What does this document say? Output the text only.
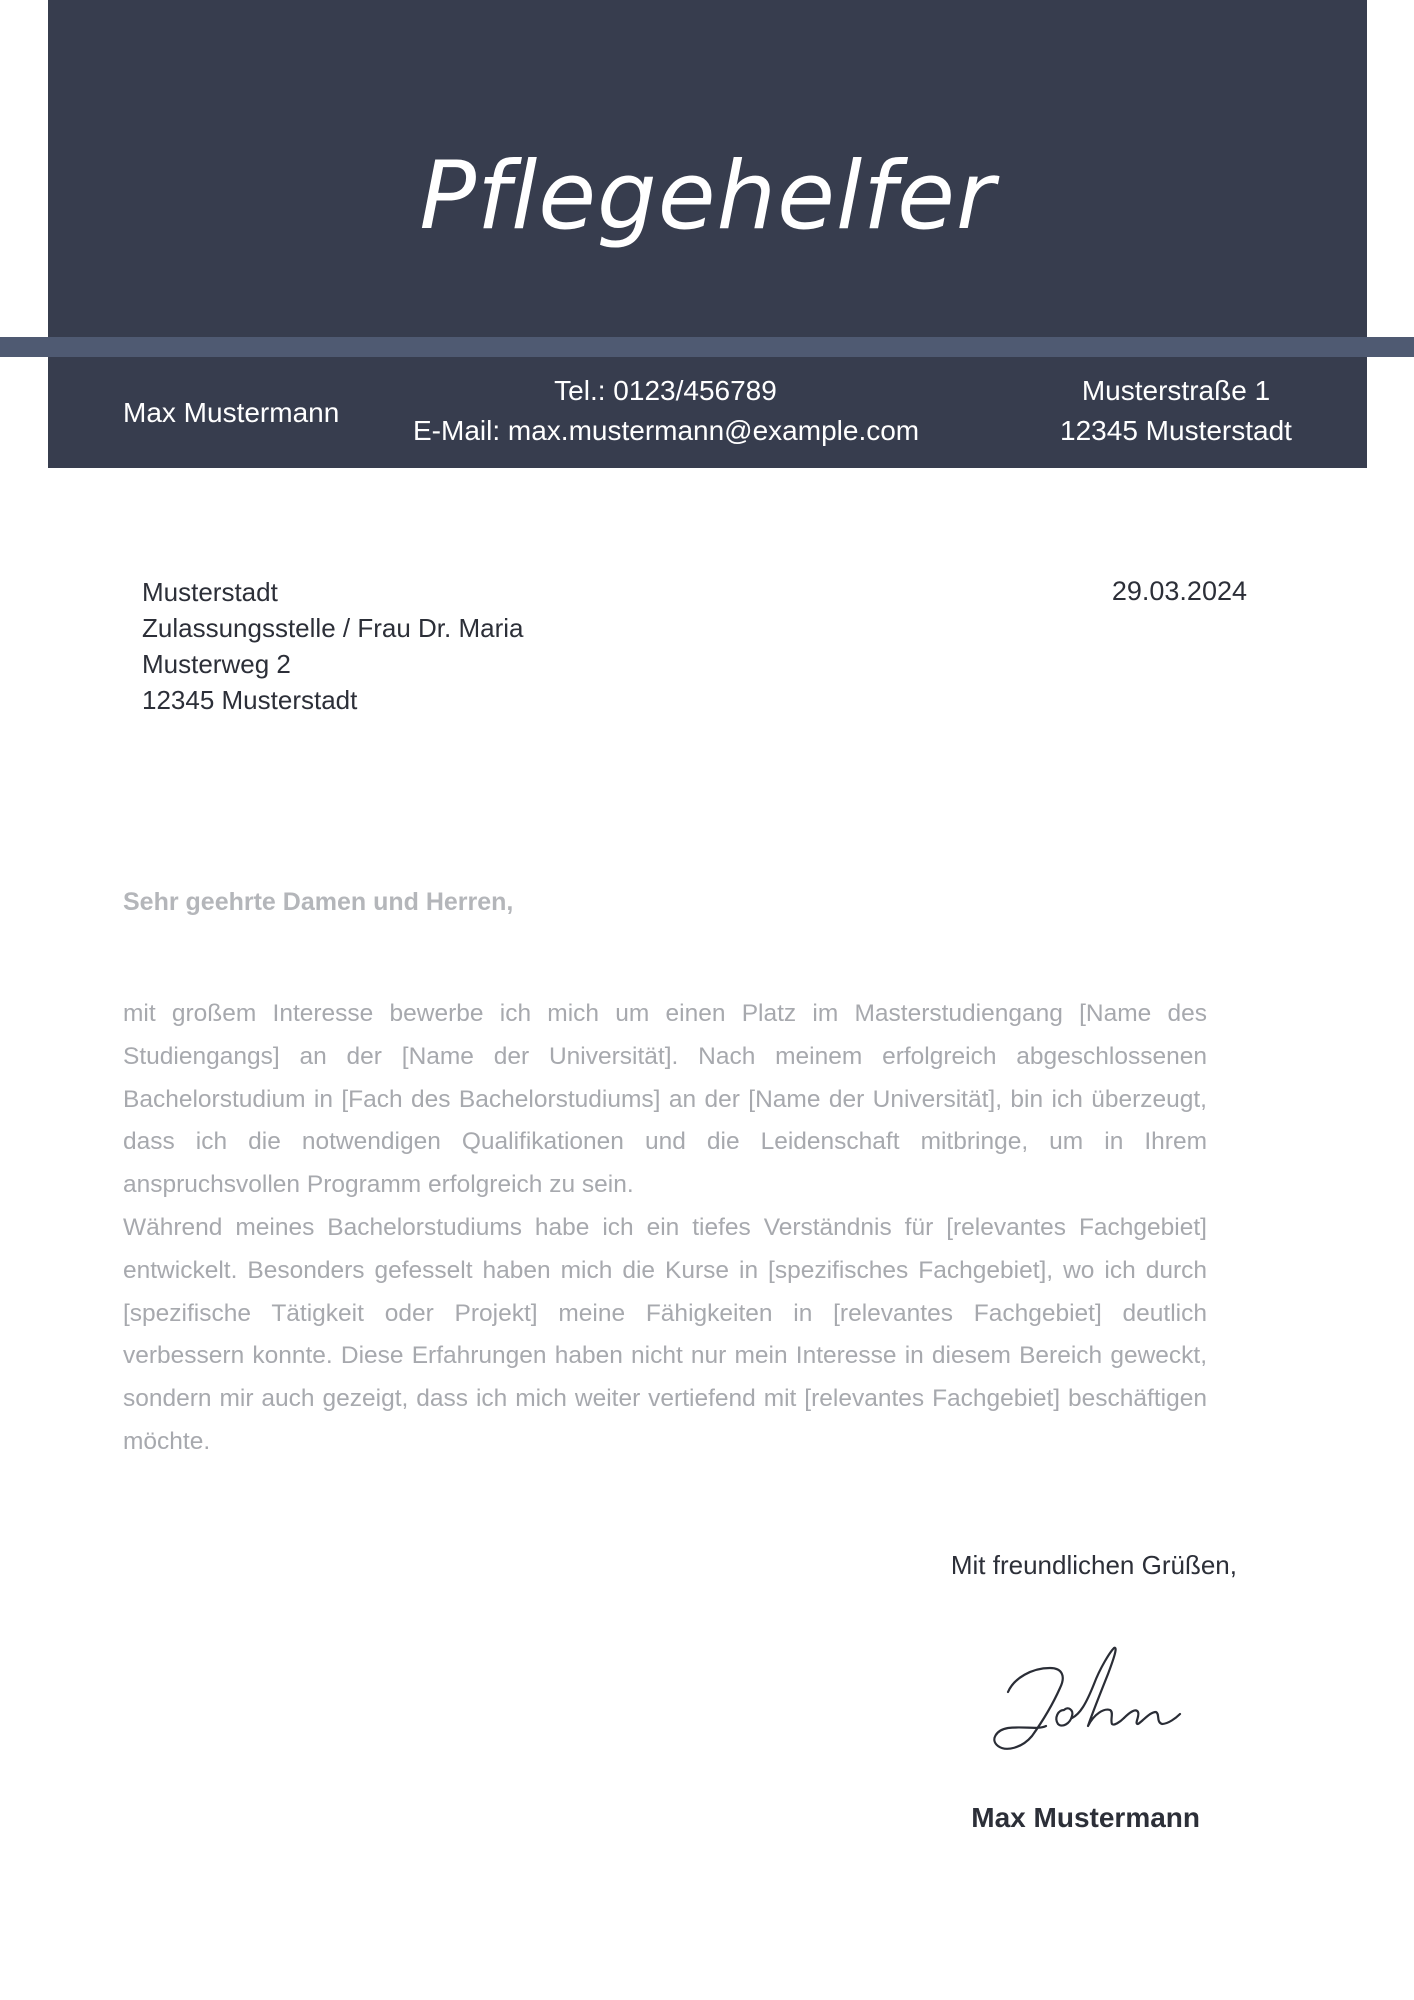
Pflegehelfer
Max Mustermann
Tel.: 0123/456789
E-Mail: max.mustermann@example.com
Musterstraße 1
12345 Musterstadt
Musterstadt
Zulassungsstelle / Frau Dr. Maria
Musterweg 2
12345 Musterstadt
29.03.2024
Sehr geehrte Damen und Herren,

mit großem Interesse bewerbe ich mich um einen Platz im Masterstudiengang [Name des Studiengangs] an der [Name der Universität]. Nach meinem erfolgreich abgeschlossenen Bachelorstudium in [Fach des Bachelorstudiums] an der [Name der Universität], bin ich überzeugt, dass ich die notwendigen Qualifikationen und die Leidenschaft mitbringe, um in Ihrem anspruchsvollen Programm erfolgreich zu sein.

Während meines Bachelorstudiums habe ich ein tiefes Verständnis für [relevantes Fachgebiet] entwickelt. Besonders gefesselt haben mich die Kurse in [spezifisches Fachgebiet], wo ich durch [spezifische Tätigkeit oder Projekt] meine Fähigkeiten in [relevantes Fachgebiet] deutlich verbessern konnte. Diese Erfahrungen haben nicht nur mein Interesse in diesem Bereich geweckt, sondern mir auch gezeigt, dass ich mich weiter vertiefend mit [relevantes Fachgebiet] beschäftigen möchte.

Mit freundlichen Grüßen,
Max Mustermann
